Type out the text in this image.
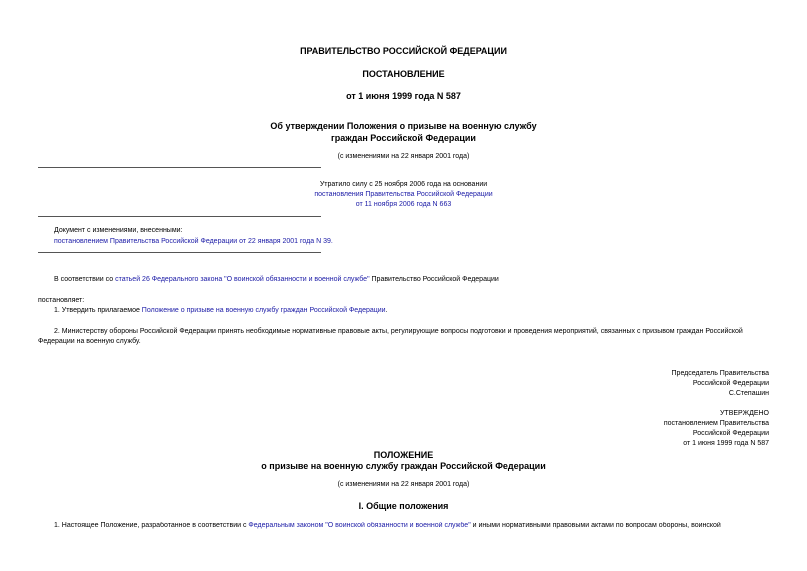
ПРАВИТЕЛЬСТВО РОССИЙСКОЙ ФЕДЕРАЦИИ
ПОСТАНОВЛЕНИЕ
от 1 июня 1999 года N 587
Об утверждении Положения о призыве на военную службу
граждан Российской Федерации
(с изменениями на 22 января 2001 года)
Утратило силу с 25 ноября 2006 года на основании
постановления Правительства Российской Федерации
от 11 ноября 2006 года N 663
Документ с изменениями, внесенными:
постановлением Правительства Российской Федерации от 22 января 2001 года N 39.
В соответствии со статьей 26 Федерального закона "О воинской обязанности и военной службе" Правительство Российской Федерации
постановляет:
1. Утвердить прилагаемое Положение о призыве на военную службу граждан Российской Федерации.
2. Министерству обороны Российской Федерации принять необходимые нормативные правовые акты, регулирующие вопросы подготовки и проведения мероприятий, связанных с призывом граждан Российской
Федерации на военную службу.
Председатель Правительства
Российской Федерации
С.Степашин
УТВЕРЖДЕНО
постановлением Правительства
Российской Федерации
от 1 июня 1999 года N 587
ПОЛОЖЕНИЕ
о призыве на военную службу граждан Российской Федерации
(с изменениями на 22 января 2001 года)
I. Общие положения
1. Настоящее Положение, разработанное в соответствии с Федеральным законом "О воинской обязанности и военной службе" и иными нормативными правовыми актами по вопросам обороны, воинской
